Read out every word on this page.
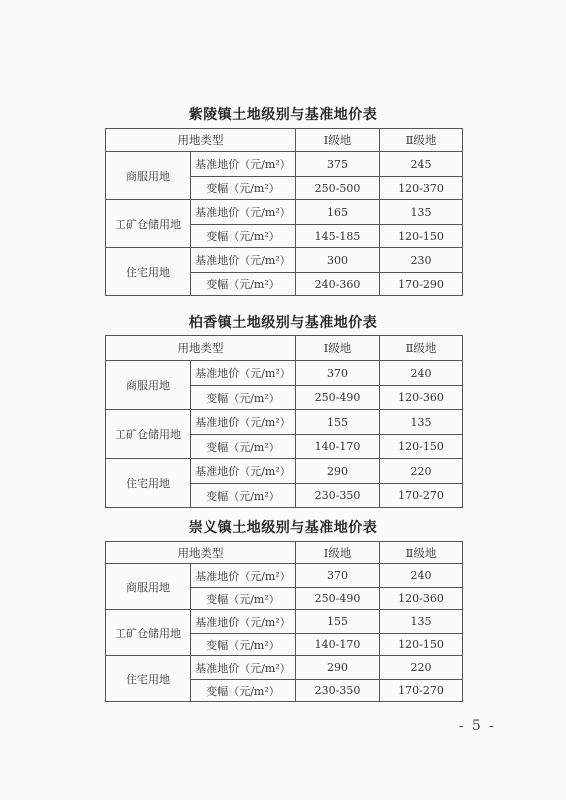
紫陵镇土地级别与基准地价表
用地类型		Ⅰ级地	Ⅱ级地
商服用地	基准地价（元/m²）	375	245
	变幅（元/m²）	250-500	120-370
工矿仓储用地	基准地价（元/m²）	165	135
	变幅（元/m²）	145-185	120-150
住宅用地	基准地价（元/m²）	300	230
	变幅（元/m²）	240-360	170-290
柏香镇土地级别与基准地价表
用地类型		Ⅰ级地	Ⅱ级地
商服用地	基准地价（元/m²）	370	240
	变幅（元/m²）	250-490	120-360
工矿仓储用地	基准地价（元/m²）	155	135
	变幅（元/m²）	140-170	120-150
住宅用地	基准地价（元/m²）	290	220
	变幅（元/m²）	230-350	170-270
崇义镇土地级别与基准地价表
用地类型		Ⅰ级地	Ⅱ级地
商服用地	基准地价（元/m²）	370	240
	变幅（元/m²）	250-490	120-360
工矿仓储用地	基准地价（元/m²）	155	135
	变幅（元/m²）	140-170	120-150
住宅用地	基准地价（元/m²）	290	220
	变幅（元/m²）	230-350	170-270
- 5 -
